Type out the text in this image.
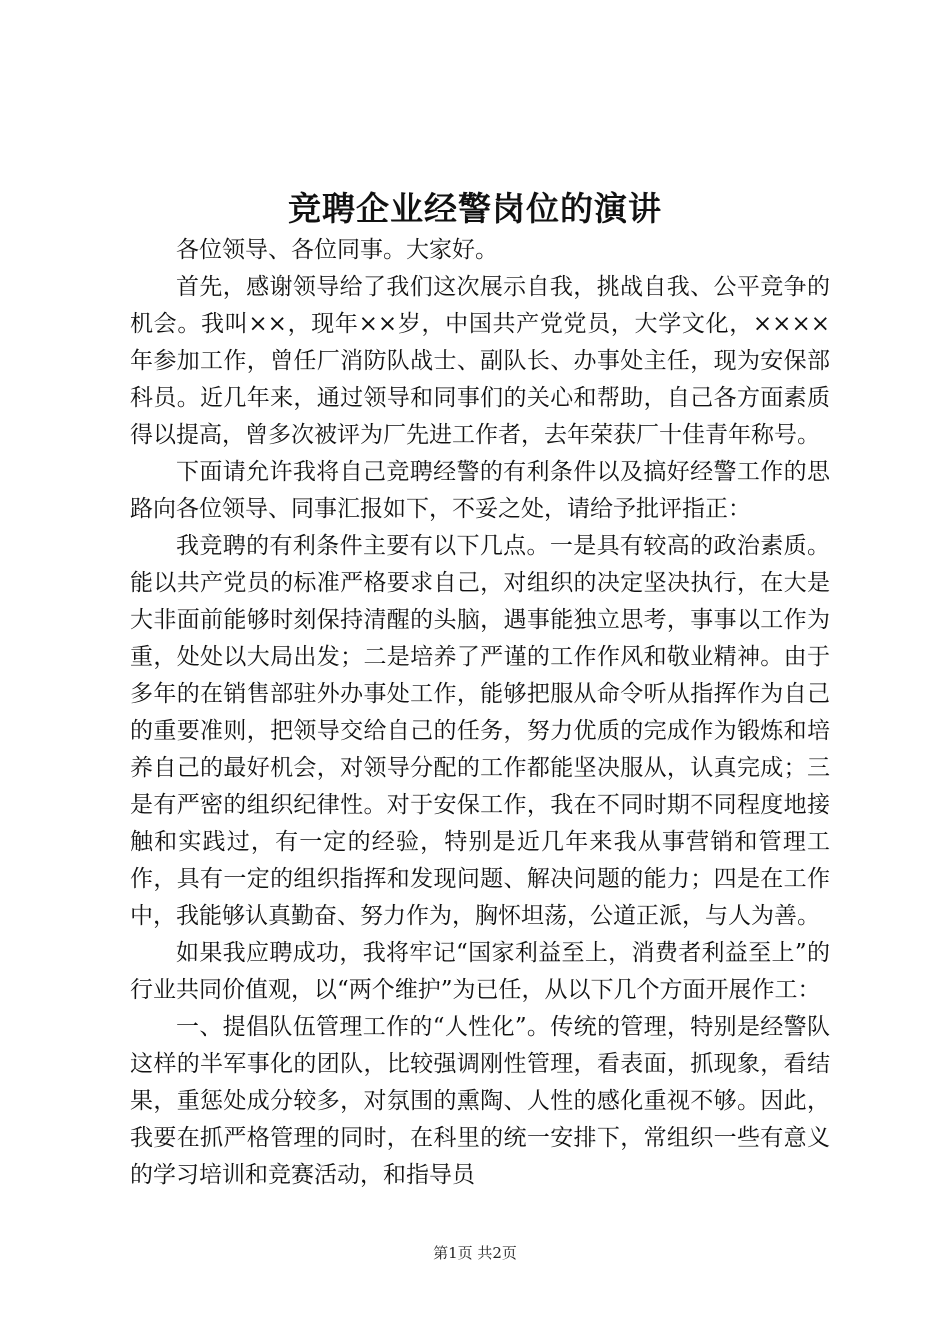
竞聘企业经警岗位的演讲

各位领导、各位同事。大家好。

首先，感谢领导给了我们这次展示自我，挑战自我、公平竞争的机会。我叫××，现年××岁，中国共产党党员，大学文化，××××年参加工作，曾任厂消防队战士、副队长、办事处主任，现为安保部科员。近几年来，通过领导和同事们的关心和帮助，自己各方面素质得以提高，曾多次被评为厂先进工作者，去年荣获厂十佳青年称号。

下面请允许我将自己竞聘经警的有利条件以及搞好经警工作的思路向各位领导、同事汇报如下，不妥之处，请给予批评指正：

我竞聘的有利条件主要有以下几点。一是具有较高的政治素质。能以共产党员的标准严格要求自己，对组织的决定坚决执行，在大是大非面前能够时刻保持清醒的头脑，遇事能独立思考，事事以工作为重，处处以大局出发；二是培养了严谨的工作作风和敬业精神。由于多年的在销售部驻外办事处工作，能够把服从命令听从指挥作为自己的重要准则，把领导交给自己的任务，努力优质的完成作为锻炼和培养自己的最好机会，对领导分配的工作都能坚决服从，认真完成；三是有严密的组织纪律性。对于安保工作，我在不同时期不同程度地接触和实践过，有一定的经验，特别是近几年来我从事营销和管理工作，具有一定的组织指挥和发现问题、解决问题的能力；四是在工作中，我能够认真勤奋、努力作为，胸怀坦荡，公道正派，与人为善。

如果我应聘成功，我将牢记“国家利益至上，消费者利益至上”的行业共同价值观，以“两个维护”为已任，从以下几个方面开展作工：

一、提倡队伍管理工作的“人性化”。传统的管理，特别是经警队这样的半军事化的团队，比较强调刚性管理，看表面，抓现象，看结果，重惩处成分较多，对氛围的熏陶、人性的感化重视不够。因此，我要在抓严格管理的同时，在科里的统一安排下，常组织一些有意义的学习培训和竞赛活动，和指导员

第1页 共2页
